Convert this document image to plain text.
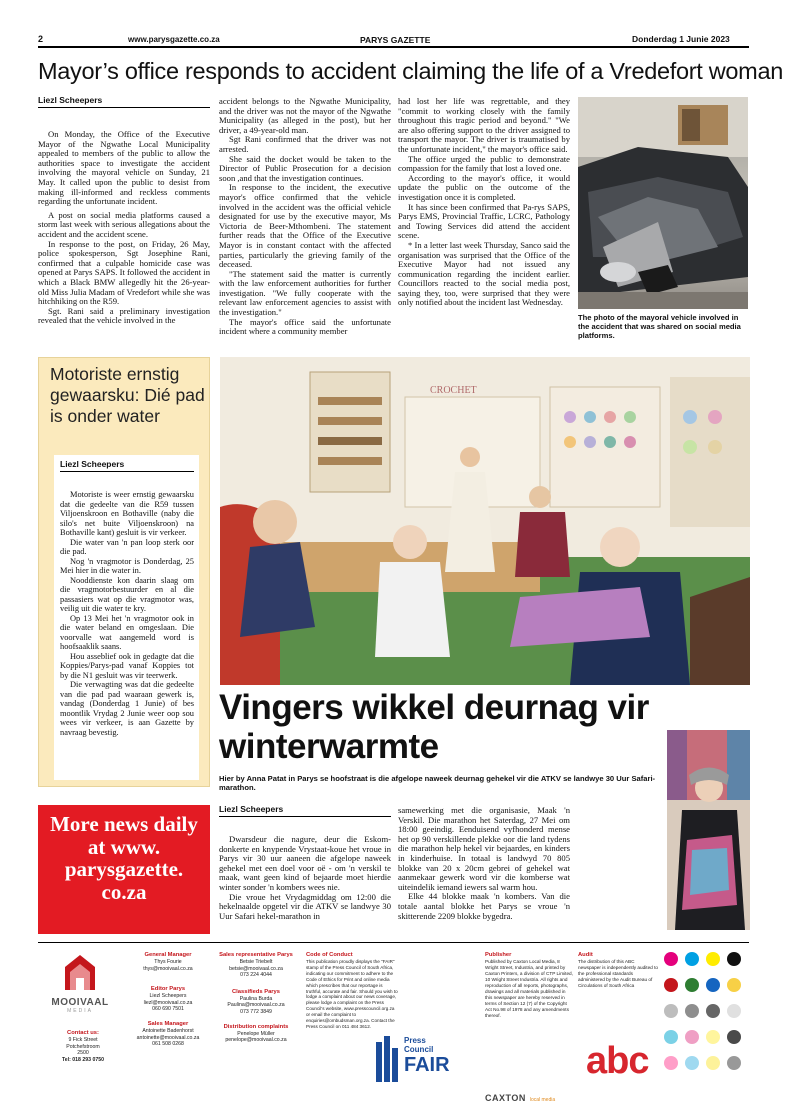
2	www.parysgazette.co.za	PARYS GAZETTE	Donderdag 1 Junie 2023
Mayor’s office responds to accident claiming the life of a Vredefort woman
Liezl Scheepers

On Monday, the Office of the Executive Mayor of the Ngwathe Local Municipality appealed to members of the public to allow the authorities space to investigate the accident involving the mayoral vehicle on Sunday, 21 May. It called upon the public to desist from making ill-informed and reckless comments regarding the unfortunate incident.

A post on social media platforms caused a storm last week with serious allegations about the accident and the accident scene.

In response to the post, on Friday, 26 May, police spokesperson, Sgt Josephine Rani, confirmed that a culpable homicide case was opened at Parys SAPS. It followed the accident in which a Black BMW allegedly hit the 26-year-old Miss Julia Madam of Vredefort while she was hitchhiking on the R59.

Sgt. Rani said a preliminary investigation revealed that the vehicle involved in the

accident belongs to the Ngwathe Municipality, and the driver was not the mayor of the Ngwathe Municipality (as alleged in the post), but her driver, a 49-year-old man.

Sgt Rani confirmed that the driver was not arrested.

She said the docket would be taken to the Director of Public Prosecution for a decision soon ,and that the investigation continues.

In response to the incident, the executive mayor's office confirmed that the vehicle involved in the accident was the official vehicle designated for use by the executive mayor, Ms Victoria de Beer-Mthombeni. The statement further reads that the Office of the Executive Mayor is in constant contact with the affected parties, particularly the grieving family of the deceased.

"The statement said the matter is currently with the law enforcement authorities for further investigation. "We fully cooperate with the relevant law enforcement agencies to assist with the investigation."

The mayor's office said the unfortunate incident where a community member

had lost her life was regrettable, and they "commit to working closely with the family throughout this tragic period and beyond." "We are also offering support to the driver assigned to transport the mayor. The driver is traumatised by the unfortunate incident," the mayor's office said.

The office urged the public to demonstrate compassion for the family that lost a loved one.

According to the mayor's office, it would update the public on the outcome of the investigation once it is completed.

It has since been confirmed that Pa-rys SAPS, Parys EMS, Provincial Traffic, LCRC, Pathology and Towing Services did attend the accident scene.

* In a letter last week Thursday, Sanco said the organisation was surprised that the Office of the Executive Mayor had not issued any communication regarding the incident earlier. Councillors reacted to the social media post, saying they, too, were surprised that they were only notified about the incident last Wednesday.

The photo of the mayoral vehicle involved in the accident that was shared on social media platforms.
Motoriste ernstig gewaarsku: Dié pad is onder water
Liezl Scheepers

Motoriste is weer ernstig gewaarsku dat die gedeelte van die R59 tussen Viljoenskroon en Bothaville (naby die silo's net buite Viljoenskroon) na Bothaville kant) gesluit is vir verkeer.

Die water van 'n pan loop sterk oor die pad.

Nog 'n vragmotor is Donderdag, 25 Mei hier in die water in.

Nooddienste kon daarin slaag om die vragmotorbestuurder en al die passasiers wat op die vragmotor was, veilig uit die water te kry.

Op 13 Mei het 'n vragmotor ook in die water beland en omgeslaan. Die voorvalle wat aangemeld word is hoofsaaklik saans.

Hou asseblief ook in gedagte dat die Koppies/Parys-pad vanaf Koppies tot by die N1 gesluit was vir teerwerk.

Die verwagting was dat die gedeelte van die pad pad waaraan gewerk is, vandag (Donderdag 1 Junie) of bes moontlik Vrydag 2 Junie weer oop sou wees vir verkeer, is aan Gazette by navraag bevestig.

More news daily at www. parysgazette. co.za
CROCHET
Vingers wikkel deurnag vir winterwarmte
Hier by Anna Patat in Parys se hoofstraat is die afgelope naweek deurnag gehekel vir die ATKV se landwye 30 Uur Safari-marathon.
Liezl Scheepers

Dwarsdeur die nagure, deur die Eskom-donkerte en knypende Vrystaat-koue het vroue in Parys vir 30 uur aaneen die afgelope naweek gehekel met een doel voor oë - om 'n verskil te maak, want geen kind of bejaarde moet hierdie winter sonder 'n kombers wees nie.

Die vroue het Vrydagmiddag om 12:00 die hekelnaalde opgetel vir die ATKV se landwye 30 Uur Safari hekel-marathon in

samewerking met die organisasie, Maak 'n Verskil. Die marathon het Saterdag, 27 Mei om 18:00 geeindig. Eenduisend vyfhonderd mense het op 90 verskillende plekke oor die land tydens die marathon help hekel vir bejaardes, en kinders in kinderhuise. In totaal is landwyd 70 805 blokke van 20 x 20cm gebrei of gehekel wat aanmekaar gewerk word vir die komberse wat uiteindelik iemand iewers sal warm hou.

Elke 44 blokke maak 'n kombers. Van die totale aantal blokke het Parys se vroue 'n skitterende 2209 blokke bygedra.

MOOIVAAL
MEDIA
Contact us:
9 Fick Street
Potchefstroom
2500
Tel: 018 293 0750
General Manager
Thys Fourie
thys@mooivaal.co.za
Editor Parys
Liezl Scheepers
liezl@mooivaal.co.za
060 690 7501
Sales Manager
Antoinette Badenhorst
antoinette@mooivaal.co.za
061 508 0268
Sales representative Parys
Betsie Triebelt
betsie@mooivaal.co.za
073 224 4044
Classifieds Parys
Paulina Burda
Paulina@mooivaal.co.za
073 772 3849
Distribution complaints
Penelope Müller
penelope@mooivaal.co.za
Code of Conduct
This publication proudly displays the "FAIR" stamp of the Press Council of South Africa, indicating our commitment to adhere to the Code of Ethics for Print and online media which prescribes that our reportage is truthful, accurate and fair. Should you wish to lodge a complaint about our news coverage, please lodge a complaint on the Press Council's website, www.presscouncil.org.za or email the complaint to enquiries@ombudsman.org.za. Contact the Press Council on 011 484 3612.
Press
Council
FAIR
Publisher
Published by Caxton Local Media, 8 Wright Street, Industria, and printed by Caxton Printers, a division of CTP Limited, 10 Wright Street Industria. All rights and reproduction of all reports, photographs, drawings and all materials published in this newspaper are hereby reserved in terms of Section 12 (7) of the Copyright Act No.98 of 1978 and any amendments thereof.
CAXTON local media
Audit
The distribution of this ABC newspaper is independently audited to the professional standards administered by the Audit Bureau of Circulations of South Africa
abc
